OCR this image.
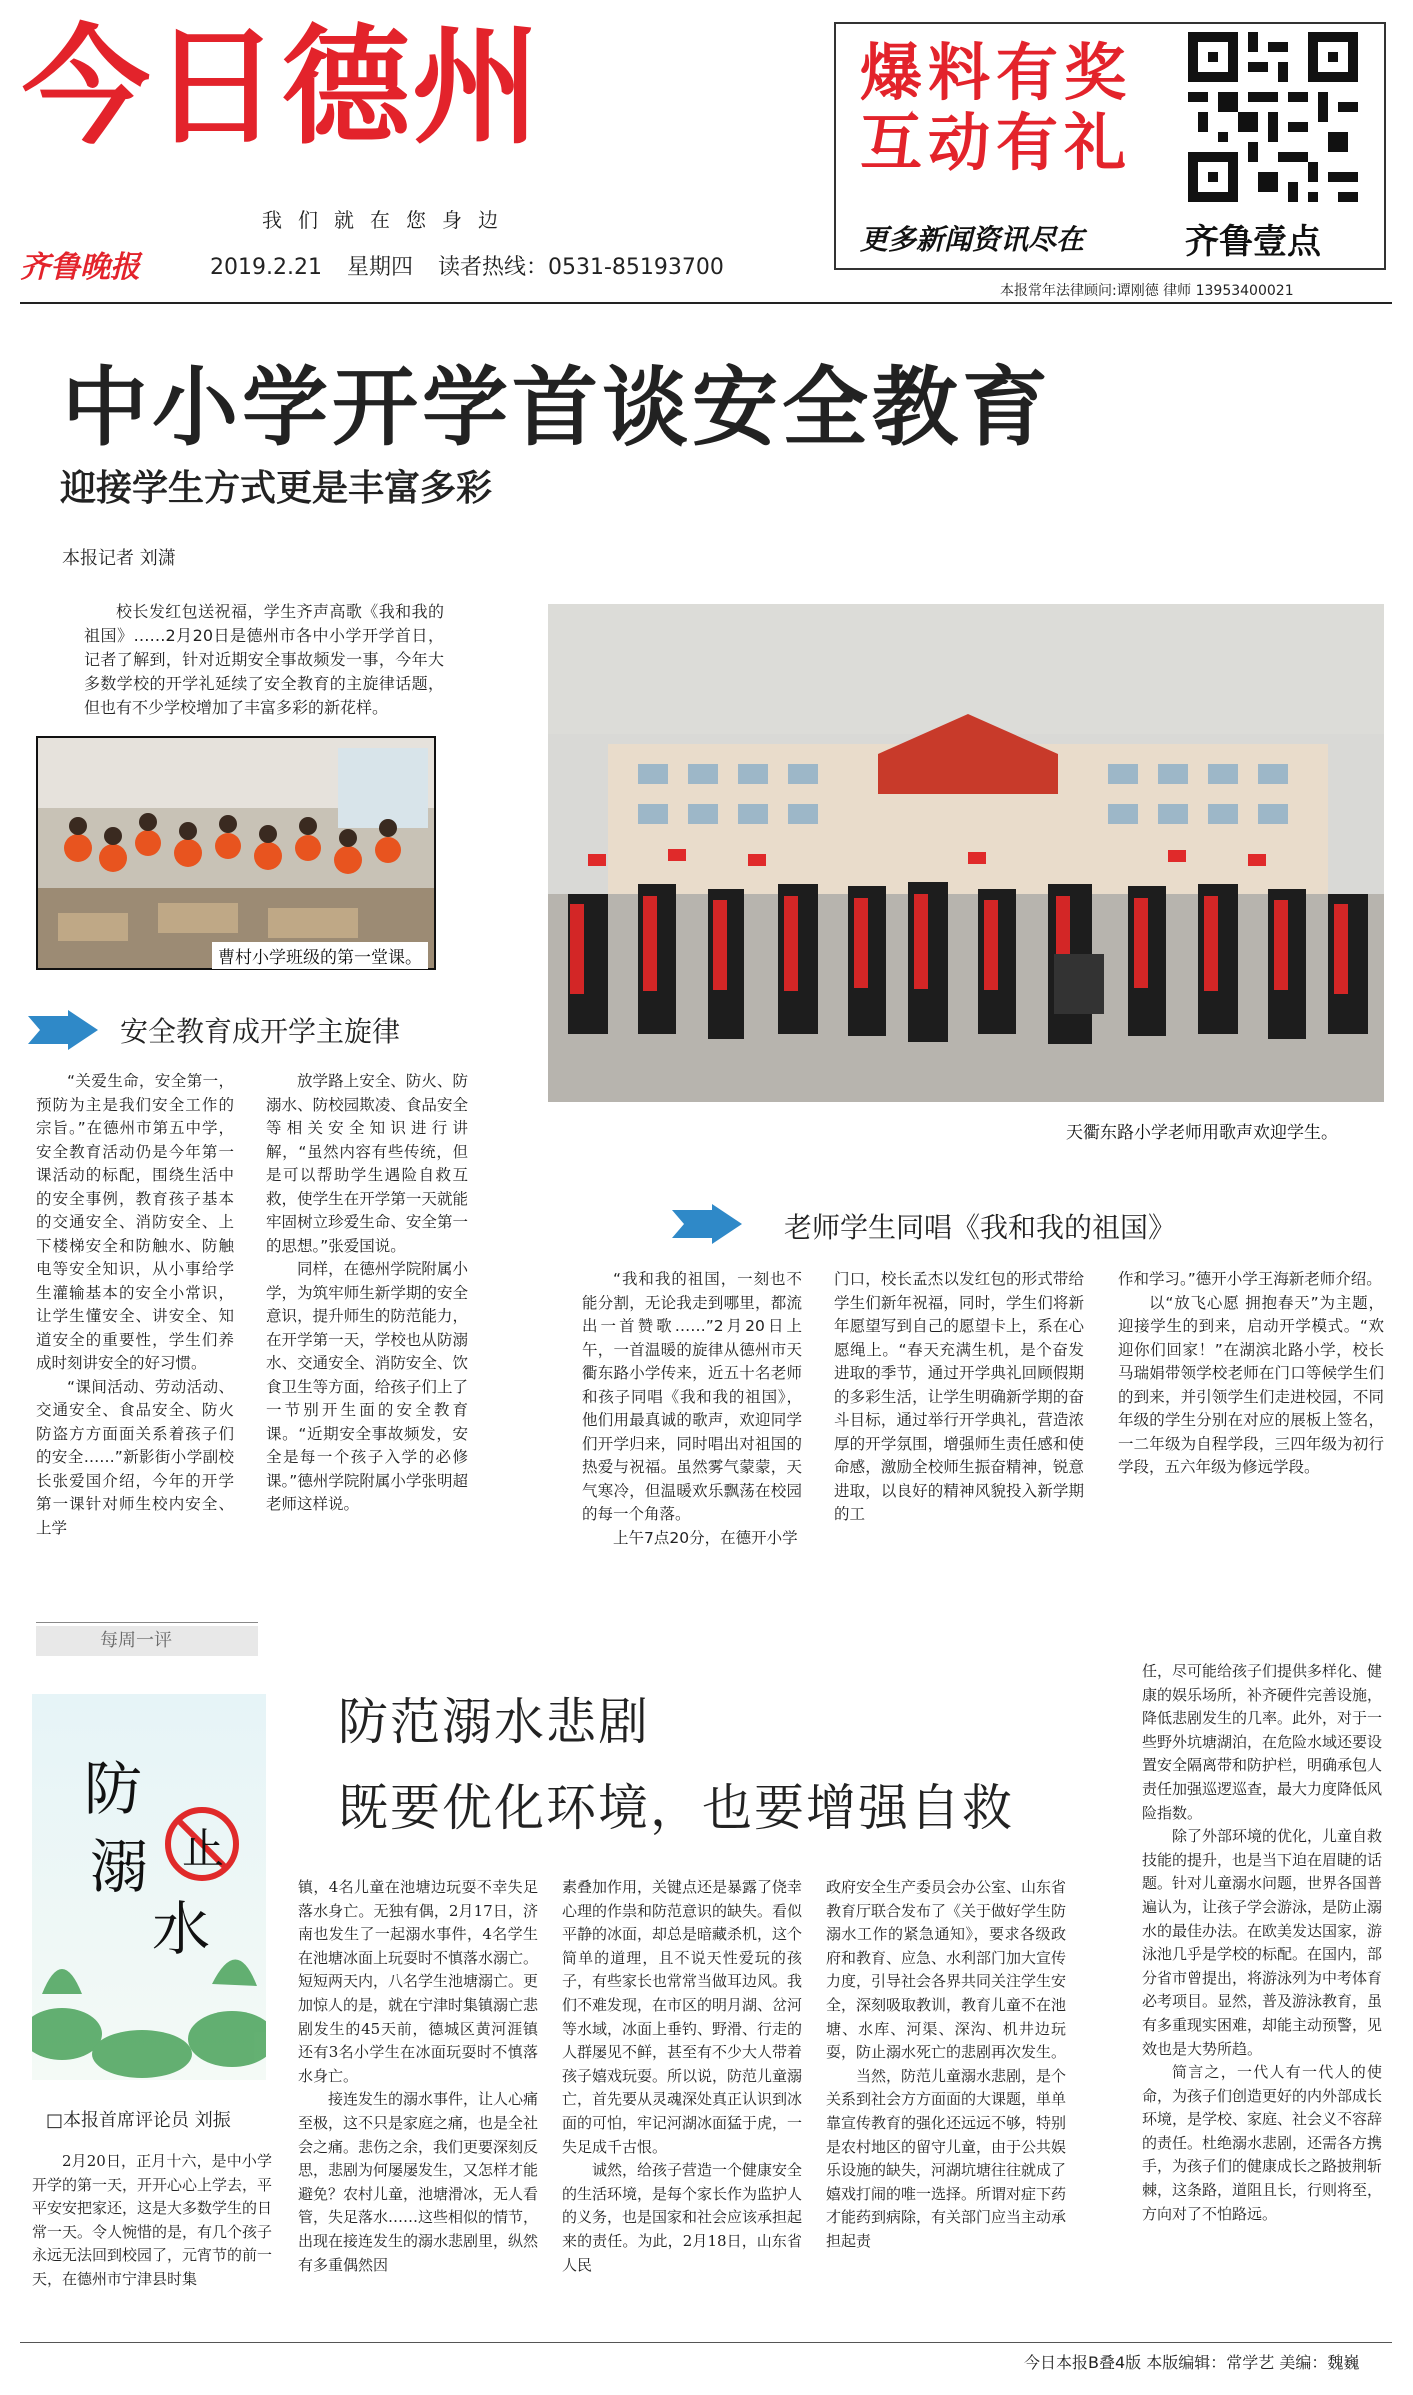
今日德州
我们就在您身边
齐鲁晚报	2019.2.21 星期四 读者热线：0531-85193700
爆料有奖
互动有礼
更多新闻资讯尽在	齐鲁壹点
本报常年法律顾问:谭刚德 律师 13953400021
中小学开学首谈安全教育
迎接学生方式更是丰富多彩
本报记者 刘潇
校长发红包送祝福，学生齐声高歌《我和我的祖国》……2月20日是德州市各中小学开学首日，记者了解到，针对近期安全事故频发一事，今年大多数学校的开学礼延续了安全教育的主旋律话题，但也有不少学校增加了丰富多彩的新花样。
曹村小学班级的第一堂课。
天衢东路小学老师用歌声欢迎学生。
安全教育成开学主旋律

“关爱生命，安全第一，预防为主是我们安全工作的宗旨。”在德州市第五中学，安全教育活动仍是今年第一课活动的标配，围绕生活中的安全事例，教育孩子基本的交通安全、消防安全、上下楼梯安全和防触水、防触电等安全知识，从小事给学生灌输基本的安全小常识，让学生懂安全、讲安全、知道安全的重要性，学生们养成时刻讲安全的好习惯。

“课间活动、劳动活动、交通安全、食品安全、防火防盗方方面面关系着孩子们的安全……”新影街小学副校长张爱国介绍，今年的开学第一课针对师生校内安全、上学

放学路上安全、防火、防溺水、防校园欺凌、食品安全等相关安全知识进行讲解，“虽然内容有些传统，但是可以帮助学生遇险自救互救，使学生在开学第一天就能牢固树立珍爱生命、安全第一的思想。”张爱国说。

同样，在德州学院附属小学，为筑牢师生新学期的安全意识，提升师生的防范能力，在开学第一天，学校也从防溺水、交通安全、消防安全、饮食卫生等方面，给孩子们上了一节别开生面的安全教育课。“近期安全事故频发，安全是每一个孩子入学的必修课。”德州学院附属小学张明超老师这样说。

老师学生同唱《我和我的祖国》

“我和我的祖国，一刻也不能分割，无论我走到哪里，都流出一首赞歌……”2月20日上午，一首温暖的旋律从德州市天衢东路小学传来，近五十名老师和孩子同唱《我和我的祖国》，他们用最真诚的歌声，欢迎同学们开学归来，同时唱出对祖国的热爱与祝福。虽然雾气蒙蒙，天气寒冷，但温暖欢乐飘荡在校园的每一个角落。

上午7点20分，在德开小学

门口，校长孟杰以发红包的形式带给学生们新年祝福，同时，学生们将新年愿望写到自己的愿望卡上，系在心愿绳上。“春天充满生机，是个奋发进取的季节，通过开学典礼回顾假期的多彩生活，让学生明确新学期的奋斗目标，通过举行开学典礼，营造浓厚的开学氛围，增强师生责任感和使命感，激励全校师生振奋精神，锐意进取，以良好的精神风貌投入新学期的工

作和学习。”德开小学王海新老师介绍。

以“放飞心愿 拥抱春天”为主题，迎接学生的到来，启动开学模式。“欢迎你们回家！”在湖滨北路小学，校长马瑞娟带领学校老师在门口等候学生们的到来，并引领学生们走进校园，不同年级的学生分别在对应的展板上签名，一二年级为自程学段，三四年级为初行学段，五六年级为修远学段。

每周一评
防
止
溺
水
防范溺水悲剧
既要优化环境，也要增强自救
□本报首席评论员 刘振

2月20日，正月十六，是中小学开学的第一天，开开心心上学去，平平安安把家还，这是大多数学生的日常一天。令人惋惜的是，有几个孩子永远无法回到校园了，元宵节的前一天，在德州市宁津县时集

镇，4名儿童在池塘边玩耍不幸失足落水身亡。无独有偶，2月17日，济南也发生了一起溺水事件，4名学生在池塘冰面上玩耍时不慎落水溺亡。短短两天内，八名学生池塘溺亡。更加惊人的是，就在宁津时集镇溺亡悲剧发生的45天前，德城区黄河涯镇还有3名小学生在冰面玩耍时不慎落水身亡。

接连发生的溺水事件，让人心痛至极，这不只是家庭之痛，也是全社会之痛。悲伤之余，我们更要深刻反思，悲剧为何屡屡发生，又怎样才能避免？农村儿童，池塘滑冰，无人看管，失足落水……这些相似的情节，出现在接连发生的溺水悲剧里，纵然有多重偶然因

素叠加作用，关键点还是暴露了侥幸心理的作祟和防范意识的缺失。看似平静的冰面，却总是暗藏杀机，这个简单的道理，且不说天性爱玩的孩子，有些家长也常常当做耳边风。我们不难发现，在市区的明月湖、岔河等水域，冰面上垂钓、野滑、行走的人群屡见不鲜，甚至有不少大人带着孩子嬉戏玩耍。所以说，防范儿童溺亡，首先要从灵魂深处真正认识到冰面的可怕，牢记河湖冰面猛于虎，一失足成千古恨。

诚然，给孩子营造一个健康安全的生活环境，是每个家长作为监护人的义务，也是国家和社会应该承担起来的责任。为此，2月18日，山东省人民

政府安全生产委员会办公室、山东省教育厅联合发布了《关于做好学生防溺水工作的紧急通知》，要求各级政府和教育、应急、水利部门加大宣传力度，引导社会各界共同关注学生安全，深刻吸取教训，教育儿童不在池塘、水库、河渠、深沟、机井边玩耍，防止溺水死亡的悲剧再次发生。

当然，防范儿童溺水悲剧，是个关系到社会方方面面的大课题，単单靠宣传教育的强化还远远不够，特别是农村地区的留守儿童，由于公共娱乐设施的缺失，河湖坑塘往往就成了嬉戏打闹的唯一选择。所谓对症下药才能药到病除，有关部门应当主动承担起责

任，尽可能给孩子们提供多样化、健康的娱乐场所，补齐硬件完善设施，降低悲剧发生的几率。此外，对于一些野外坑塘湖泊，在危险水域还要设置安全隔离带和防护栏，明确承包人责任加强巡逻巡查，最大力度降低风险指数。

除了外部环境的优化，儿童自救技能的提升，也是当下迫在眉睫的话题。针对儿童溺水问题，世界各国普遍认为，让孩子学会游泳，是防止溺水的最佳办法。在欧美发达国家，游泳池几乎是学校的标配。在国内，部分省市曾提出，将游泳列为中考体育必考项目。显然，普及游泳教育，虽有多重现实困难，却能主动预警，见效也是大势所趋。

简言之，一代人有一代人的使命，为孩子们创造更好的内外部成长环境，是学校、家庭、社会义不容辞的责任。杜绝溺水悲剧，还需各方携手，为孩子们的健康成长之路披荆斩棘，这条路，道阻且长，行则将至，方向对了不怕路远。

今日本报B叠4版 本版编辑：常学艺 美编：魏巍
